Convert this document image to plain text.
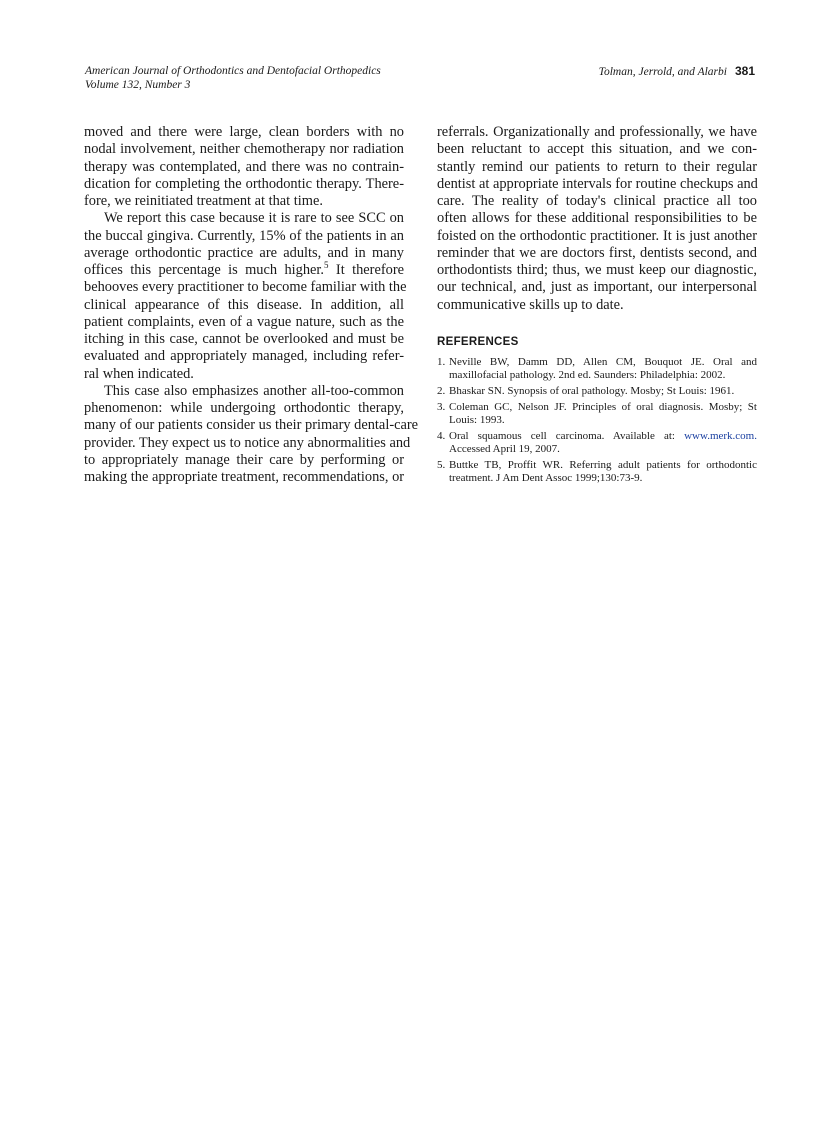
American Journal of Orthodontics and Dentofacial Orthopedics
Volume 132, Number 3
Tolman, Jerrold, and Alarbi 381
moved and there were large, clean borders with no
nodal involvement, neither chemotherapy nor radiation
therapy was contemplated, and there was no contrain-
dication for completing the orthodontic therapy. There-
fore, we reinitiated treatment at that time.
We report this case because it is rare to see SCC on
the buccal gingiva. Currently, 15% of the patients in an
average orthodontic practice are adults, and in many
offices this percentage is much higher.$^5$ It therefore
behooves every practitioner to become familiar with the
clinical appearance of this disease. In addition, all
patient complaints, even of a vague nature, such as the
itching in this case, cannot be overlooked and must be
evaluated and appropriately managed, including refer-
ral when indicated.
This case also emphasizes another all-too-common
phenomenon: while undergoing orthodontic therapy,
many of our patients consider us their primary dental-care
provider. They expect us to notice any abnormalities and
to appropriately manage their care by performing or
making the appropriate treatment, recommendations, or
referrals. Organizationally and professionally, we have
been reluctant to accept this situation, and we con-
stantly remind our patients to return to their regular
dentist at appropriate intervals for routine checkups and
care. The reality of today's clinical practice all too
often allows for these additional responsibilities to be
foisted on the orthodontic practitioner. It is just another
reminder that we are doctors first, dentists second, and
orthodontists third; thus, we must keep our diagnostic,
our technical, and, just as important, our interpersonal
communicative skills up to date.
REFERENCES
1. Neville BW, Damm DD, Allen CM, Bouquot JE. Oral and maxillofacial pathology. 2nd ed. Saunders: Philadelphia: 2002.
2. Bhaskar SN. Synopsis of oral pathology. Mosby; St Louis: 1961.
3. Coleman GC, Nelson JF. Principles of oral diagnosis. Mosby; St Louis: 1993.
4. Oral squamous cell carcinoma. Available at: www.merk.com. Accessed April 19, 2007.
5. Buttke TB, Proffit WR. Referring adult patients for orthodontic treatment. J Am Dent Assoc 1999;130:73-9.
